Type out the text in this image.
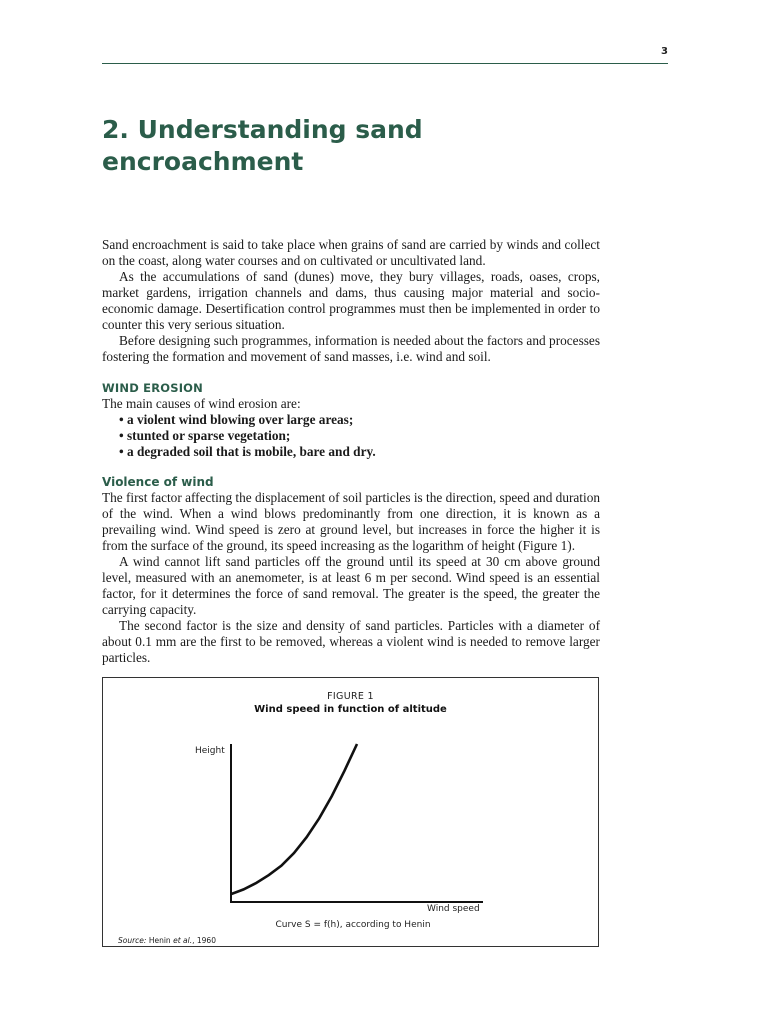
3
2. Understanding sand encroachment

Sand encroachment is said to take place when grains of sand are carried by winds and collect on the coast, along water courses and on cultivated or uncultivated land.

As the accumulations of sand (dunes) move, they bury villages, roads, oases, crops, market gardens, irrigation channels and dams, thus causing major material and socio-economic damage. Desertification control programmes must then be implemented in order to counter this very serious situation.

Before designing such programmes, information is needed about the factors and processes fostering the formation and movement of sand masses, i.e. wind and soil.

WIND EROSION

The main causes of wind erosion are:

• a violent wind blowing over large areas;
• stunted or sparse vegetation;
• a degraded soil that is mobile, bare and dry.
Violence of wind

The first factor affecting the displacement of soil particles is the direction, speed and duration of the wind. When a wind blows predominantly from one direction, it is known as a prevailing wind. Wind speed is zero at ground level, but increases in force the higher it is from the surface of the ground, its speed increasing as the logarithm of height (Figure 1).

A wind cannot lift sand particles off the ground until its speed at 30 cm above ground level, measured with an anemometer, is at least 6 m per second. Wind speed is an essential factor, for it determines the force of sand removal. The greater is the speed, the greater the carrying capacity.

The second factor is the size and density of sand particles. Particles with a diameter of about 0.1 mm are the first to be removed, whereas a violent wind is needed to remove larger particles.

FIGURE 1
Wind speed in function of altitude
Height
Wind speed
Curve S = f(h), according to Henin
Source: Henin et al., 1960
